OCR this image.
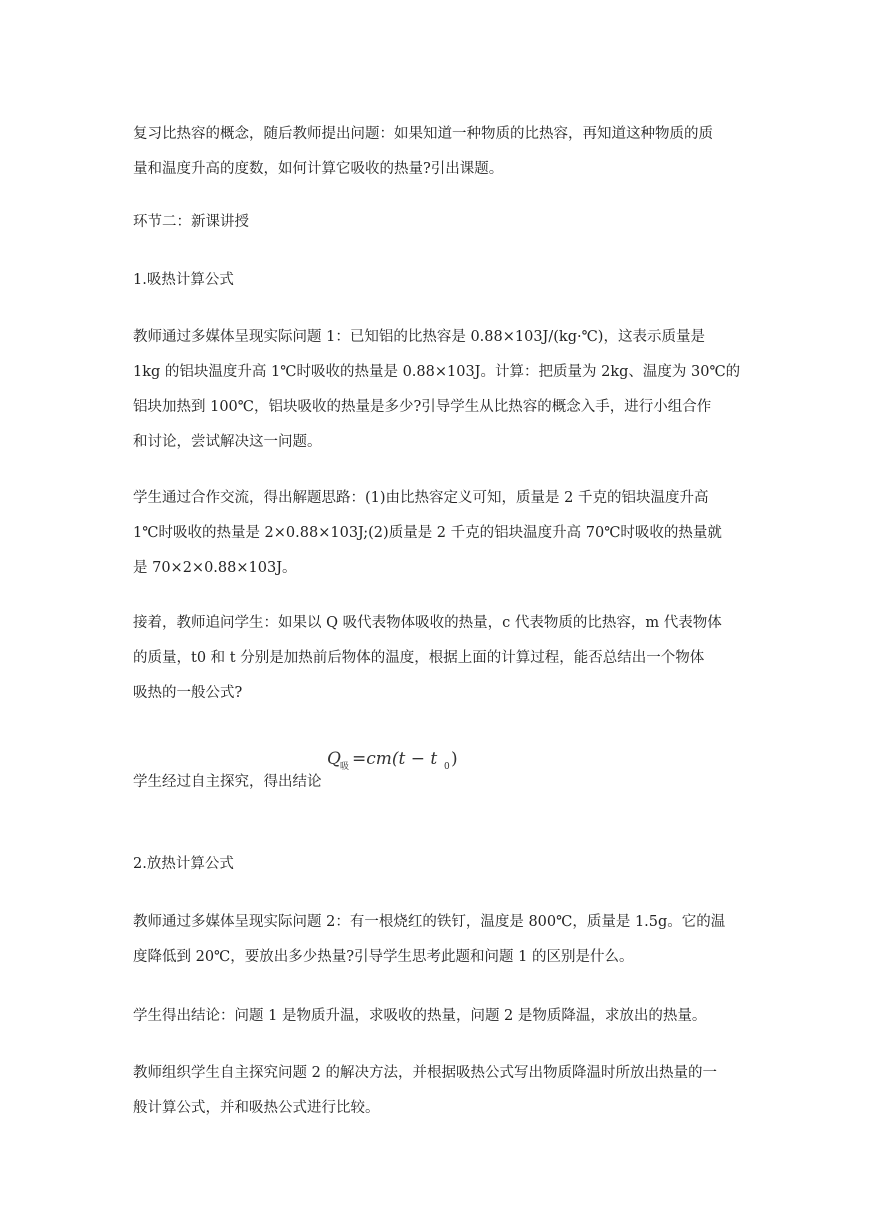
复习比热容的概念，随后教师提出问题：如果知道一种物质的比热容，再知道这种物质的质
量和温度升高的度数，如何计算它吸收的热量?引出课题。

环节二：新课讲授

1.吸热计算公式

教师通过多媒体呈现实际问题 1：已知铝的比热容是 0.88×103J/(kg·℃)，这表示质量是
1kg 的铝块温度升高 1℃时吸收的热量是 0.88×103J。计算：把质量为 2kg、温度为 30℃的
铝块加热到 100℃，铝块吸收的热量是多少?引导学生从比热容的概念入手，进行小组合作
和讨论，尝试解决这一问题。

学生通过合作交流，得出解题思路：(1)由比热容定义可知，质量是 2 千克的铝块温度升高
1℃时吸收的热量是 2×0.88×103J;(2)质量是 2 千克的铝块温度升高 70℃时吸收的热量就
是 70×2×0.88×103J。

接着，教师追问学生：如果以 Q 吸代表物体吸收的热量，c 代表物质的比热容，m 代表物体
的质量，t0 和 t 分别是加热前后物体的温度，根据上面的计算过程，能否总结出一个物体
吸热的一般公式?

学生经过自主探究，得出结论

Q 吸 =cm(t − t 0 )

2.放热计算公式

教师通过多媒体呈现实际问题 2：有一根烧红的铁钉，温度是 800℃，质量是 1.5g。它的温
度降低到 20℃，要放出多少热量?引导学生思考此题和问题 1 的区别是什么。

学生得出结论：问题 1 是物质升温，求吸收的热量，问题 2 是物质降温，求放出的热量。

教师组织学生自主探究问题 2 的解决方法，并根据吸热公式写出物质降温时所放出热量的一
般计算公式，并和吸热公式进行比较。
